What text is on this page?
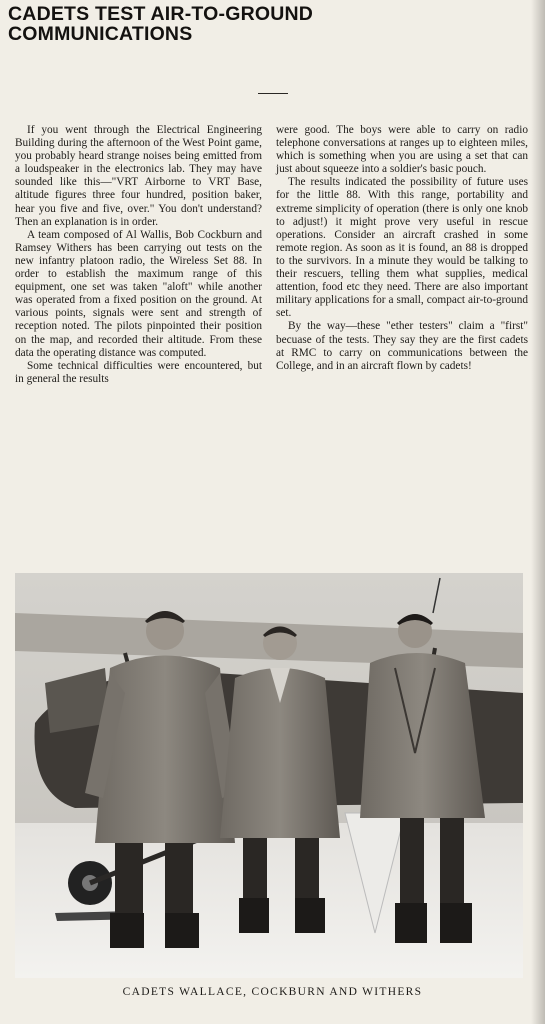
CADETS TEST AIR-TO-GROUND COMMUNICATIONS

If you went through the Electrical Engineering Building during the afternoon of the West Point game, you probably heard strange noises being emitted from a loudspeaker in the electronics lab. They may have sounded like this—"VRT Airborne to VRT Base, altitude figures three four hundred, position baker, hear you five and five, over." You don't understand? Then an explanation is in order.

A team composed of Al Wallis, Bob Cockburn and Ramsey Withers has been carrying out tests on the new infantry platoon radio, the Wireless Set 88. In order to establish the maximum range of this equipment, one set was taken "aloft" while another was operated from a fixed position on the ground. At various points, signals were sent and strength of reception noted. The pilots pinpointed their position on the map, and recorded their altitude. From these data the operating distance was computed.

Some technical difficulties were encountered, but in general the results

were good. The boys were able to carry on radio telephone conversations at ranges up to eighteen miles, which is something when you are using a set that can just about squeeze into a soldier's basic pouch.

The results indicated the possibility of future uses for the little 88. With this range, portability and extreme simplicity of operation (there is only one knob to adjust!) it might prove very useful in rescue operations. Consider an aircraft crashed in some remote region. As soon as it is found, an 88 is dropped to the survivors. In a minute they would be talking to their rescuers, telling them what supplies, medical attention, food etc they need. There are also important military applications for a small, compact air-to-ground set.

By the way—these "ether testers" claim a "first" becuase of the tests. They say they are the first cadets at RMC to carry on communications between the College, and in an aircraft flown by cadets!

CADETS WALLACE, COCKBURN AND WITHERS
